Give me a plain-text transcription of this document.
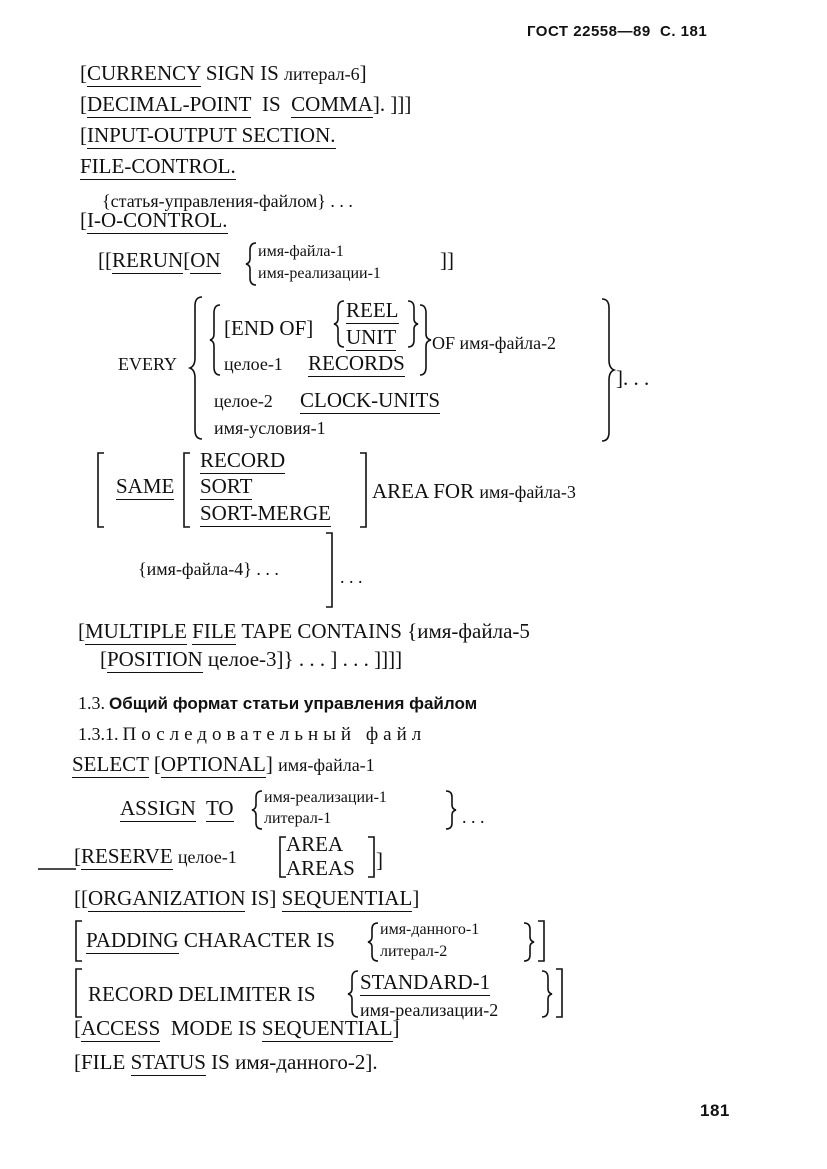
ГОСТ 22558—89 С. 181
[CURRENCY SIGN IS литерал-6]
[DECIMAL-POINT IS COMMA]. ]]]
[INPUT-OUTPUT SECTION.
FILE-CONTROL.
{статья-управления-файлом} . . .
[I-O-CONTROL.
[[RERUN[ON имя-файла-1
имя-реализации-1
]]
EVERY
[END OF]
REEL
UNIT
целое-1 RECORDS
OF имя-файла-2
целое-2 CLOCK-UNITS
имя-условия-1
]. . .
SAME
RECORD
SORT
SORT-MERGE
AREA FOR имя-файла-3
{имя-файла-4} . . .	. . .
[MULTIPLE FILE TAPE CONTAINS {имя-файла-5
[POSITION целое-3]} . . . ] . . . ]]]]
1.3. Общий формат статьи управления файлом
1.3.1. Последовательный файл
SELECT [OPTIONAL] имя-файла-1
ASSIGN TO имя-реализации-1
литерал-1	. . .
[RESERVE целое-1
AREA
AREAS ]
[[ORGANIZATION IS] SEQUENTIAL]
PADDING CHARACTER IS	имя-данного-1
литерал-2
RECORD DELIMITER IS STANDARD-1
имя-реализации-2
[ACCESS MODE IS SEQUENTIAL]
[FILE STATUS IS имя-данного-2].
181
